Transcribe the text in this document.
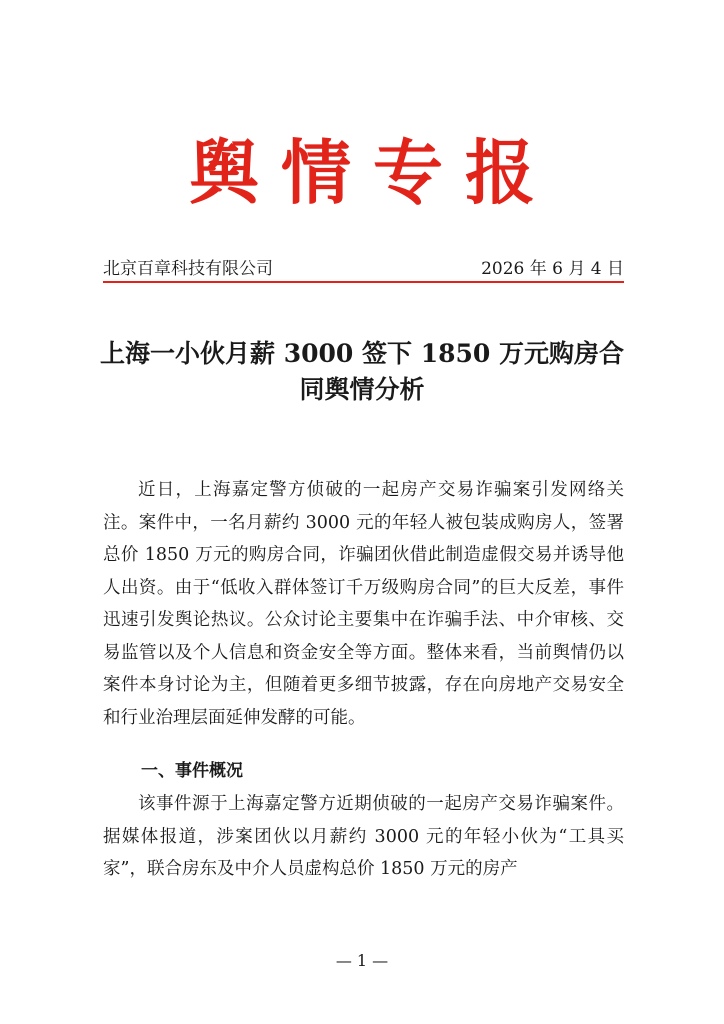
舆情专报
北京百章科技有限公司	2026 年 6 月 4 日
上海一小伙月薪 3000 签下 1850 万元购房合同舆情分析

近日，上海嘉定警方侦破的一起房产交易诈骗案引发网络关注。案件中，一名月薪约 3000 元的年轻人被包装成购房人，签署总价 1850 万元的购房合同，诈骗团伙借此制造虚假交易并诱导他人出资。由于“低收入群体签订千万级购房合同”的巨大反差，事件迅速引发舆论热议。公众讨论主要集中在诈骗手法、中介审核、交易监管以及个人信息和资金安全等方面。整体来看，当前舆情仍以案件本身讨论为主，但随着更多细节披露，存在向房地产交易安全和行业治理层面延伸发酵的可能。

一、事件概况

该事件源于上海嘉定警方近期侦破的一起房产交易诈骗案件。据媒体报道，涉案团伙以月薪约 3000 元的年轻小伙为“工具买家”，联合房东及中介人员虚构总价 1850 万元的房产

— 1 —
